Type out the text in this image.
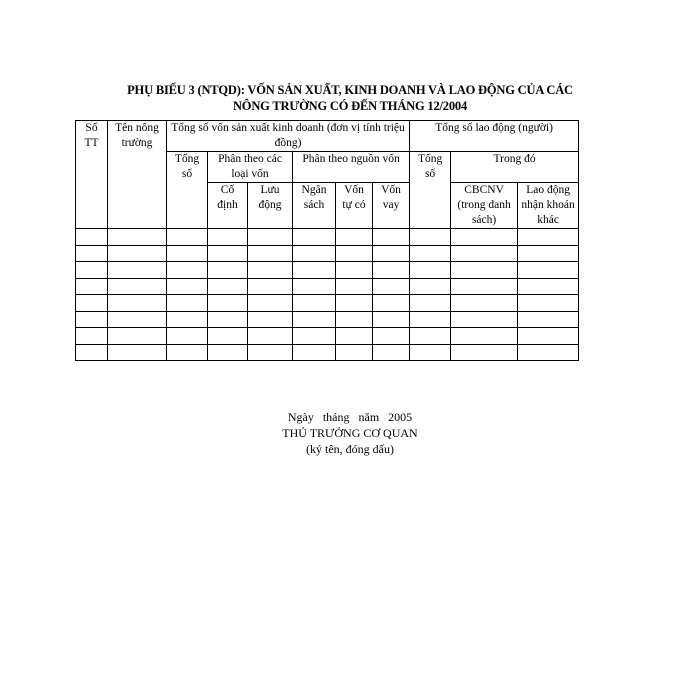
PHỤ BIỂU 3 (NTQD): VỐN SẢN XUẤT, KINH DOANH VÀ LAO ĐỘNG CỦA CÁC
NÔNG TRƯỜNG CÓ ĐẾN THÁNG 12/2004
Số TT	Tên nông trường	Tổng số vốn sản xuất kinh doanh (đơn vị tính triệu đồng)						Tổng số lao động (người)		
		Tổng số	Phân theo các loại vốn		Phân theo nguồn vốn			Tổng số	Trong đó	
			Cố định	Lưu động	Ngân sách	Vốn tự có	Vốn vay		CBCNV (trong danh sách)	Lao động nhận khoán khác

Ngày tháng năm 2005
THỦ TRƯỞNG CƠ QUAN
(ký tên, đóng dấu)
